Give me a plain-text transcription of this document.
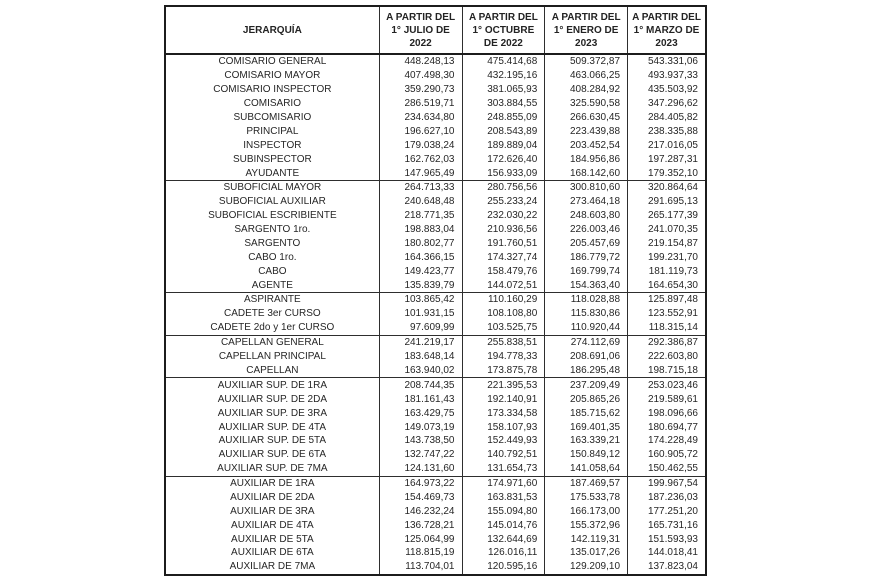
JERARQUÍA	A PARTIR DEL 1° JULIO DE 2022	A PARTIR DEL 1° OCTUBRE DE 2022	A PARTIR DEL 1° ENERO DE 2023	A PARTIR DEL 1° MARZO DE 2023
COMISARIO GENERAL	448.248,13	475.414,68	509.372,87	543.331,06
COMISARIO MAYOR	407.498,30	432.195,16	463.066,25	493.937,33
COMISARIO INSPECTOR	359.290,73	381.065,93	408.284,92	435.503,92
COMISARIO	286.519,71	303.884,55	325.590,58	347.296,62
SUBCOMISARIO	234.634,80	248.855,09	266.630,45	284.405,82
PRINCIPAL	196.627,10	208.543,89	223.439,88	238.335,88
INSPECTOR	179.038,24	189.889,04	203.452,54	217.016,05
SUBINSPECTOR	162.762,03	172.626,40	184.956,86	197.287,31
AYUDANTE	147.965,49	156.933,09	168.142,60	179.352,10
SUBOFICIAL MAYOR	264.713,33	280.756,56	300.810,60	320.864,64
SUBOFICIAL AUXILIAR	240.648,48	255.233,24	273.464,18	291.695,13
SUBOFICIAL ESCRIBIENTE	218.771,35	232.030,22	248.603,80	265.177,39
SARGENTO 1ro.	198.883,04	210.936,56	226.003,46	241.070,35
SARGENTO	180.802,77	191.760,51	205.457,69	219.154,87
CABO 1ro.	164.366,15	174.327,74	186.779,72	199.231,70
CABO	149.423,77	158.479,76	169.799,74	181.119,73
AGENTE	135.839,79	144.072,51	154.363,40	164.654,30
ASPIRANTE	103.865,42	110.160,29	118.028,88	125.897,48
CADETE 3er CURSO	101.931,15	108.108,80	115.830,86	123.552,91
CADETE 2do y 1er CURSO	97.609,99	103.525,75	110.920,44	118.315,14
CAPELLAN GENERAL	241.219,17	255.838,51	274.112,69	292.386,87
CAPELLAN PRINCIPAL	183.648,14	194.778,33	208.691,06	222.603,80
CAPELLAN	163.940,02	173.875,78	186.295,48	198.715,18
AUXILIAR SUP. DE 1RA	208.744,35	221.395,53	237.209,49	253.023,46
AUXILIAR SUP. DE 2DA	181.161,43	192.140,91	205.865,26	219.589,61
AUXILIAR SUP. DE 3RA	163.429,75	173.334,58	185.715,62	198.096,66
AUXILIAR SUP. DE 4TA	149.073,19	158.107,93	169.401,35	180.694,77
AUXILIAR SUP. DE 5TA	143.738,50	152.449,93	163.339,21	174.228,49
AUXILIAR SUP. DE 6TA	132.747,22	140.792,51	150.849,12	160.905,72
AUXILIAR SUP. DE 7MA	124.131,60	131.654,73	141.058,64	150.462,55
AUXILIAR DE 1RA	164.973,22	174.971,60	187.469,57	199.967,54
AUXILIAR DE 2DA	154.469,73	163.831,53	175.533,78	187.236,03
AUXILIAR DE 3RA	146.232,24	155.094,80	166.173,00	177.251,20
AUXILIAR DE 4TA	136.728,21	145.014,76	155.372,96	165.731,16
AUXILIAR DE 5TA	125.064,99	132.644,69	142.119,31	151.593,93
AUXILIAR DE 6TA	118.815,19	126.016,11	135.017,26	144.018,41
AUXILIAR DE 7MA	113.704,01	120.595,16	129.209,10	137.823,04
